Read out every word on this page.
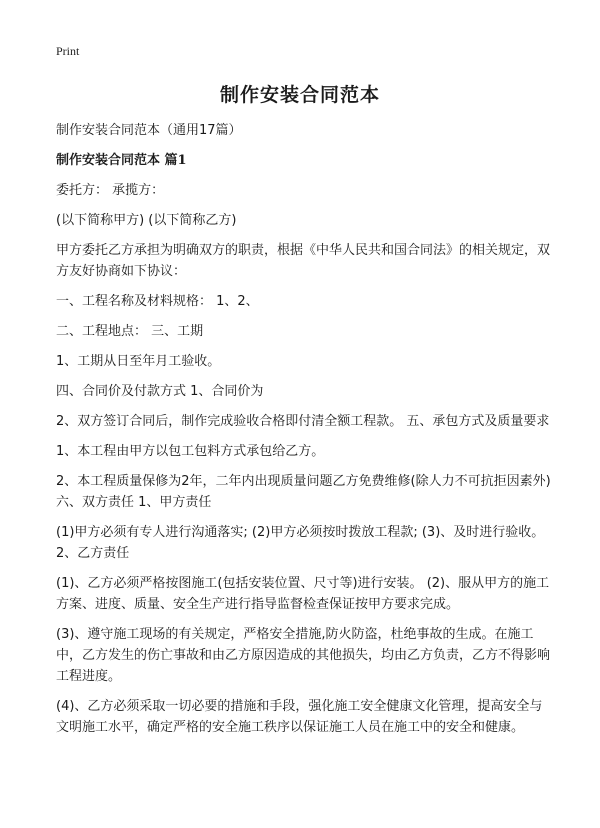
Print
制作安装合同范本

制作安装合同范本（通用17篇）

制作安装合同范本 篇1

委托方： 承揽方：

(以下简称甲方) (以下简称乙方)

甲方委托乙方承担为明确双方的职责，根据《中华人民共和国合同法》的相关规定，双方友好协商如下协议：

一、工程名称及材料规格： 1、2、

二、工程地点： 三、工期

1、工期从日至年月工验收。

四、合同价及付款方式 1、合同价为

2、双方签订合同后，制作完成验收合格即付清全额工程款。 五、承包方式及质量要求

1、本工程由甲方以包工包料方式承包给乙方。

2、本工程质量保修为2年，二年内出现质量问题乙方免费维修(除人力不可抗拒因素外) 六、双方责任 1、甲方责任

(1)甲方必须有专人进行沟通落实; (2)甲方必须按时拨放工程款; (3)、及时进行验收。 2、乙方责任

(1)、乙方必须严格按图施工(包括安装位置、尺寸等)进行安装。 (2)、服从甲方的施工方案、进度、质量、安全生产进行指导监督检查保证按甲方要求完成。

(3)、遵守施工现场的有关规定，严格安全措施,防火防盗，杜绝事故的生成。在施工中，乙方发生的伤亡事故和由乙方原因造成的其他损失，均由乙方负责，乙方不得影响工程进度。

(4)、乙方必须采取一切必要的措施和手段，强化施工安全健康文化管理，提高安全与文明施工水平，确定严格的安全施工秩序以保证施工人员在施工中的安全和健康。
